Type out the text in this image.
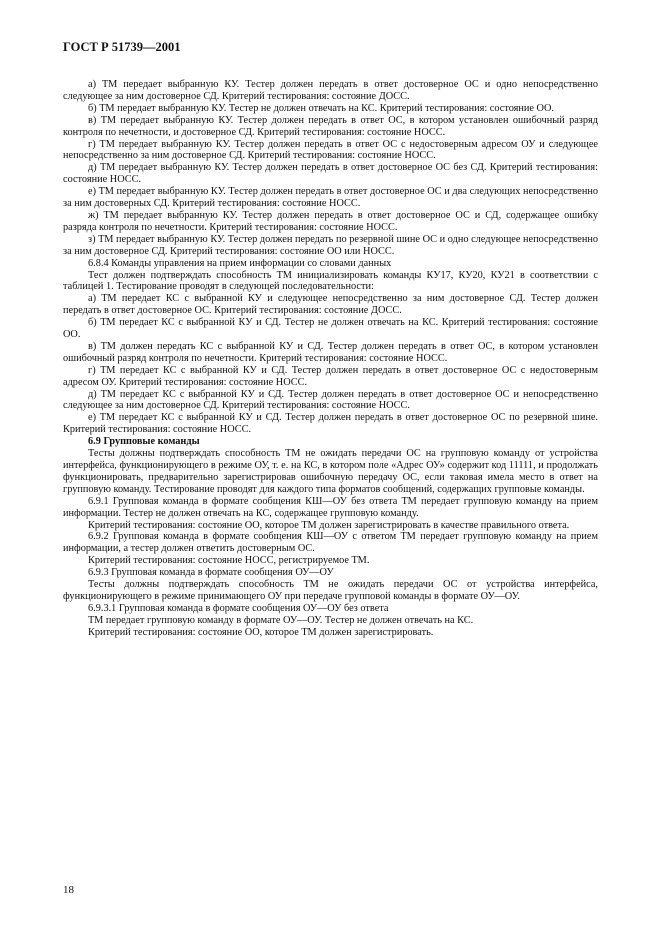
ГОСТ Р 51739—2001

а) ТМ передает выбранную КУ. Тестер должен передать в ответ достоверное ОС и одно непосредственно следующее за ним достоверное СД. Критерий тестирования: состояние ДОСС.

б) ТМ передает выбранную КУ. Тестер не должен отвечать на КС. Критерий тестирования: состояние ОО.

в) ТМ передает выбранную КУ. Тестер должен передать в ответ ОС, в котором установлен ошибочный разряд контроля по нечетности, и достоверное СД. Критерий тестирования: состояние НОСС.

г) ТМ передает выбранную КУ. Тестер должен передать в ответ ОС с недостоверным адресом ОУ и следующее непосредственно за ним достоверное СД. Критерий тестирования: состояние НОСС.

д) ТМ передает выбранную КУ. Тестер должен передать в ответ достоверное ОС без СД. Критерий тестирования: состояние НОСС.

е) ТМ передает выбранную КУ. Тестер должен передать в ответ достоверное ОС и два следующих непосредственно за ним достоверных СД. Критерий тестирования: состояние НОСС.

ж) ТМ передает выбранную КУ. Тестер должен передать в ответ достоверное ОС и СД, содержащее ошибку разряда контроля по нечетности. Критерий тестирования: состояние НОСС.

з) ТМ передает выбранную КУ. Тестер должен передать по резервной шине ОС и одно следующее непосредственно за ним достоверное СД. Критерий тестирования: состояние ОО или НОСС.

6.8.4 Команды управления на прием информации со словами данных

Тест должен подтверждать способность ТМ инициализировать команды КУ17, КУ20, КУ21 в соответствии с таблицей 1. Тестирование проводят в следующей последовательности:

а) ТМ передает КС с выбранной КУ и следующее непосредственно за ним достоверное СД. Тестер должен передать в ответ достоверное ОС. Критерий тестирования: состояние ДОСС.

б) ТМ передает КС с выбранной КУ и СД. Тестер не должен отвечать на КС. Критерий тестирования: состояние ОО.

в) ТМ должен передать КС с выбранной КУ и СД. Тестер должен передать в ответ ОС, в котором установлен ошибочный разряд контроля по нечетности. Критерий тестирования: состояние НОСС.

г) ТМ передает КС с выбранной КУ и СД. Тестер должен передать в ответ достоверное ОС с недостоверным адресом ОУ. Критерий тестирования: состояние НОСС.

д) ТМ передает КС с выбранной КУ и СД. Тестер должен передать в ответ достоверное ОС и непосредственно следующее за ним достоверное СД. Критерий тестирования: состояние НОСС.

е) ТМ передает КС с выбранной КУ и СД. Тестер должен передать в ответ достоверное ОС по резервной шине. Критерий тестирования: состояние НОСС.

6.9 Групповые команды

Тесты должны подтверждать способность ТМ не ожидать передачи ОС на групповую команду от устройства интерфейса, функционирующего в режиме ОУ, т. е. на КС, в котором поле «Адрес ОУ» содержит код 11111, и продолжать функционировать, предварительно зарегистрировав ошибочную передачу ОС, если таковая имела место в ответ на групповую команду. Тестирование проводят для каждого типа форматов сообщений, содержащих групповые команды.

6.9.1 Групповая команда в формате сообщения КШ—ОУ без ответа ТМ передает групповую команду на прием информации. Тестер не должен отвечать на КС, содержащее групповую команду.

Критерий тестирования: состояние ОО, которое ТМ должен зарегистрировать в качестве правильного ответа.

6.9.2 Групповая команда в формате сообщения КШ—ОУ с ответом ТМ передает групповую команду на прием информации, а тестер должен ответить достоверным ОС.

Критерий тестирования: состояние НОСС, регистрируемое ТМ.

6.9.3 Групповая команда в формате сообщения ОУ—ОУ

Тесты должны подтверждать способность ТМ не ожидать передачи ОС от устройства интерфейса, функционирующего в режиме принимающего ОУ при передаче групповой команды в формате ОУ—ОУ.

6.9.3.1 Групповая команда в формате сообщения ОУ—ОУ без ответа

ТМ передает групповую команду в формате ОУ—ОУ. Тестер не должен отвечать на КС.

Критерий тестирования: состояние ОО, которое ТМ должен зарегистрировать.

18
